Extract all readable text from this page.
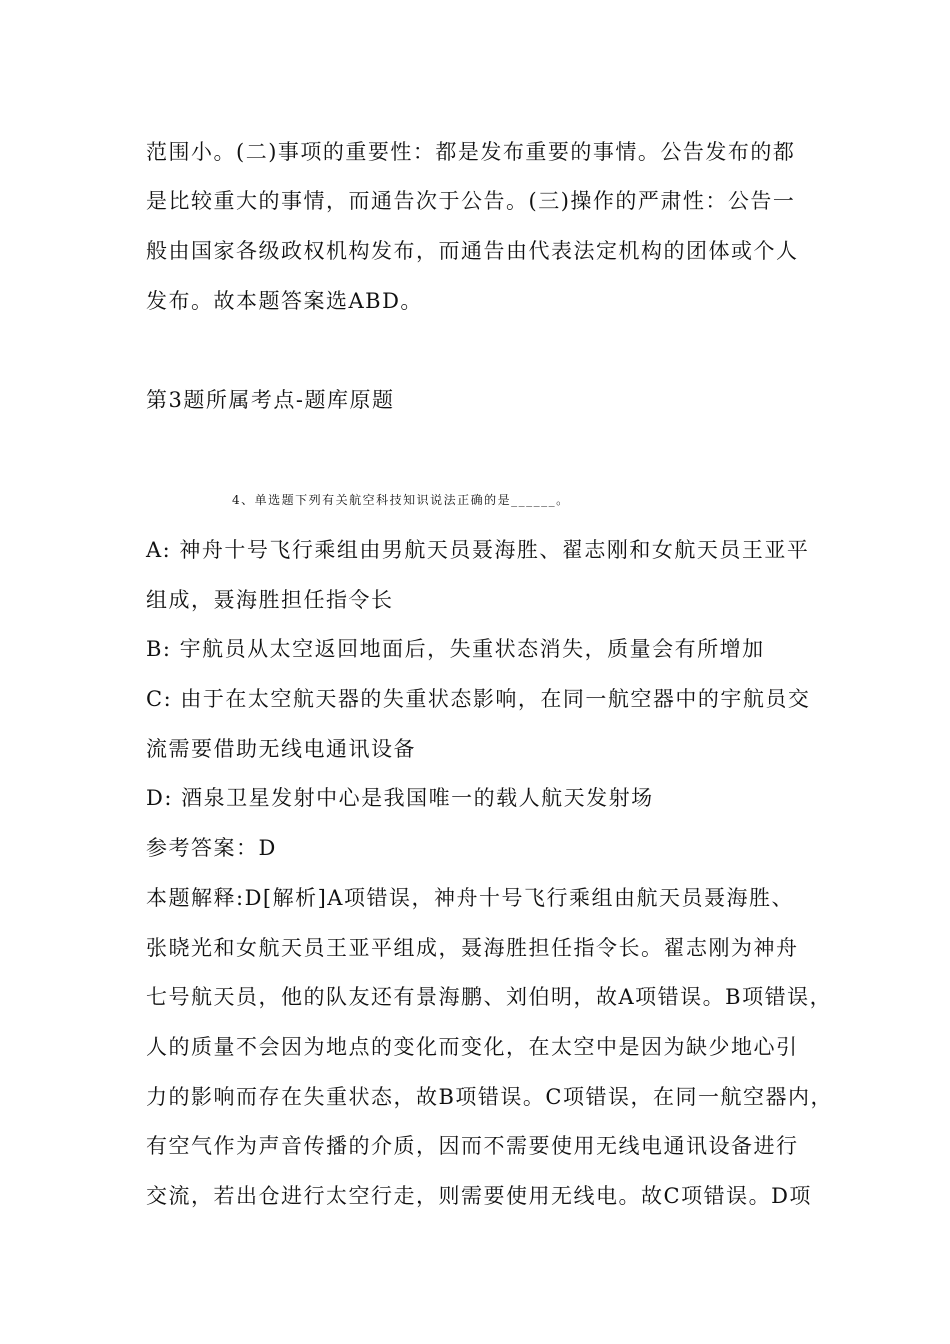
范围小。(二)事项的重要性：都是发布重要的事情。公告发布的都
是比较重大的事情，而通告次于公告。(三)操作的严肃性：公告一
般由国家各级政权机构发布，而通告由代表法定机构的团体或个人
发布。故本题答案选ABD。
第3题所属考点-题库原题
4、单选题下列有关航空科技知识说法正确的是______。
A: 神舟十号飞行乘组由男航天员聂海胜、翟志刚和女航天员王亚平
组成，聂海胜担任指令长
B: 宇航员从太空返回地面后，失重状态消失，质量会有所增加
C: 由于在太空航天器的失重状态影响，在同一航空器中的宇航员交
流需要借助无线电通讯设备
D: 酒泉卫星发射中心是我国唯一的载人航天发射场
参考答案：D
本题解释:D[解析]A项错误，神舟十号飞行乘组由航天员聂海胜、
张晓光和女航天员王亚平组成，聂海胜担任指令长。翟志刚为神舟
七号航天员，他的队友还有景海鹏、刘伯明，故A项错误。B项错误，
人的质量不会因为地点的变化而变化，在太空中是因为缺少地心引
力的影响而存在失重状态，故B项错误。C项错误，在同一航空器内，
有空气作为声音传播的介质，因而不需要使用无线电通讯设备进行
交流，若出仓进行太空行走，则需要使用无线电。故C项错误。D项
